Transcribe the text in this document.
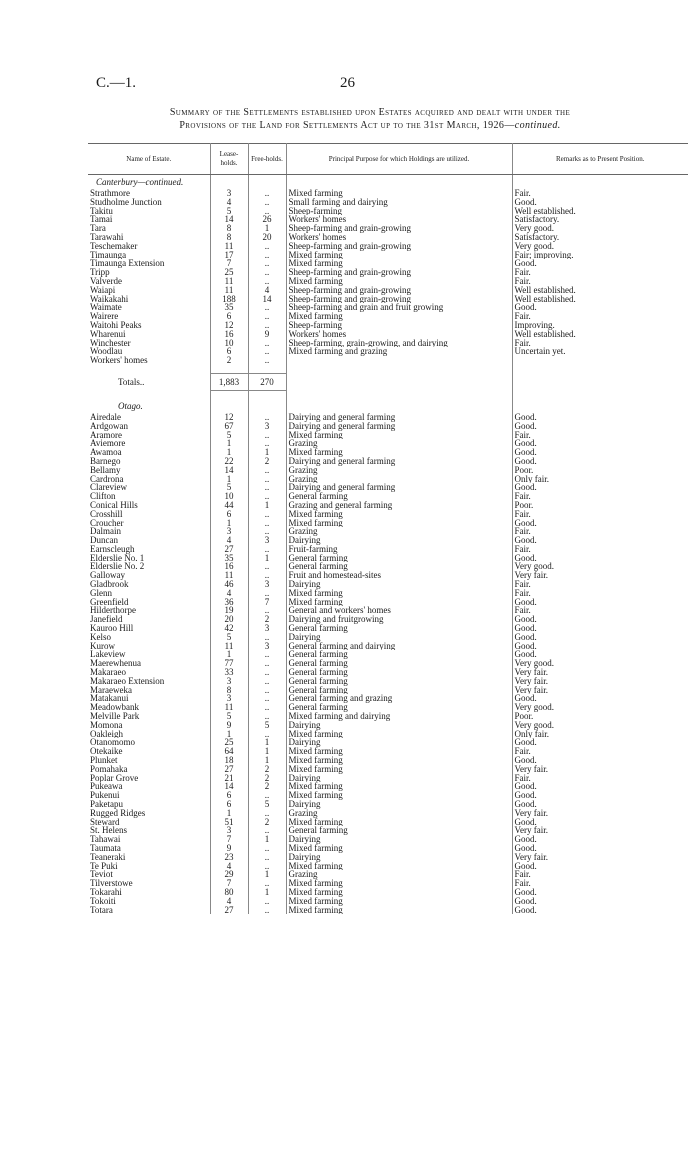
C.—1.	26
Summary of the Settlements established upon Estates acquired and dealt with under the
Provisions of the Land for Settlements Act up to the 31st March, 1926—continued.
Name of Estate.	Lease-holds.	Free-holds.	Principal Purpose for which Holdings are utilized.	Remarks as to Present Position.
Canterbury—continued.				
Strathmore	3	..	Mixed farming	Fair.
Studholme Junction	4	..	Small farming and dairying	Good.
Takitu	5	..	Sheep-farming	Well established.
Tamai	14	26	Workers' homes	Satisfactory.
Tara	8	1	Sheep-farming and grain-growing	Very good.
Tarawahi	8	20	Workers' homes	Satisfactory.
Teschemaker	11	..	Sheep-farming and grain-growing	Very good.
Timaunga	17	..	Mixed farming	Fair; improving.
Timaunga Extension	7	..	Mixed farming	Good.
Tripp	25	..	Sheep-farming and grain-growing	Fair.
Valverde	11	..	Mixed farming	Fair.
Waiapi	11	4	Sheep-farming and grain-growing	Well established.
Waikakahi	188	14	Sheep-farming and grain-growing	Well established.
Waimate	35	..	Sheep-farming and grain and fruit growing	Good.
Wairere	6	..	Mixed farming	Fair.
Waitohi Peaks	12	..	Sheep-farming	Improving.
Wharenui	16	9	Workers' homes	Well established.
Winchester	10	..	Sheep-farming, grain-growing, and dairying	Fair.
Woodlau	6	..	Mixed farming and grazing	Uncertain yet.
Workers' homes	2	..		

Totals..	1,883	270		

Otago.				
Airedale	12	..	Dairying and general farming	Good.
Ardgowan	67	3	Dairying and general farming	Good.
Aramore	5	..	Mixed farming	Fair.
Aviemore	1	..	Grazing	Good.
Awamoa	1	1	Mixed farming	Good.
Barnego	22	2	Dairying and general farming	Good.
Bellamy	14	..	Grazing	Poor.
Cardrona	1	..	Grazing	Only fair.
Clareview	5	..	Dairying and general farming	Good.
Clifton	10	..	General farming	Fair.
Conical Hills	44	1	Grazing and general farming	Poor.
Crosshill	6	..	Mixed farming	Fair.
Croucher	1	..	Mixed farming	Good.
Dalmain	3	..	Grazing	Fair.
Duncan	4	3	Dairying	Good.
Earnscleugh	27	..	Fruit-farming	Fair.
Elderslie No. 1	35	1	General farming	Good.
Elderslie No. 2	16	..	General farming	Very good.
Galloway	11	..	Fruit and homestead-sites	Very fair.
Gladbrook	46	3	Dairying	Fair.
Glenn	4	..	Mixed farming	Fair.
Greenfield	36	7	Mixed farming	Good.
Hilderthorpe	19	..	General and workers' homes	Fair.
Janefield	20	2	Dairying and fruitgrowing	Good.
Kauroo Hill	42	3	General farming	Good.
Kelso	5	..	Dairying	Good.
Kurow	11	3	General farming and dairying	Good.
Lakeview	1	..	General farming	Good.
Maerewhenua	77	..	General farming	Very good.
Makaraeo	33	..	General farming	Very fair.
Makaraeo Extension	3	..	General farming	Very fair.
Maraeweka	8	..	General farming	Very fair.
Matakanui	3	..	General farming and grazing	Good.
Meadowbank	11	..	General farming	Very good.
Melville Park	5	..	Mixed farming and dairying	Poor.
Momona	9	5	Dairying	Very good.
Oakleigh	1	..	Mixed farming	Only fair.
Otanomomo	25	1	Dairying	Good.
Otekaike	64	1	Mixed farming	Fair.
Plunket	18	1	Mixed farming	Good.
Pomahaka	27	2	Mixed farming	Very fair.
Poplar Grove	21	2	Dairying	Fair.
Pukeawa	14	2	Mixed farming	Good.
Pukenui	6	..	Mixed farming	Good.
Paketapu	6	5	Dairying	Good.
Rugged Ridges	1	..	Grazing	Very fair.
Steward	51	2	Mixed farming	Good.
St. Helens	3	..	General farming	Very fair.
Tahawai	7	1	Dairying	Good.
Taumata	9	..	Mixed farming	Good.
Teaneraki	23	..	Dairying	Very fair.
Te Puki	4	..	Mixed farming	Good.
Teviot	29	1	Grazing	Fair.
Tilverstowe	7	..	Mixed farming	Fair.
Tokarahi	80	1	Mixed farming	Good.
Tokoiti	4	..	Mixed farming	Good.
Totara	27	..	Mixed farming	Good.
